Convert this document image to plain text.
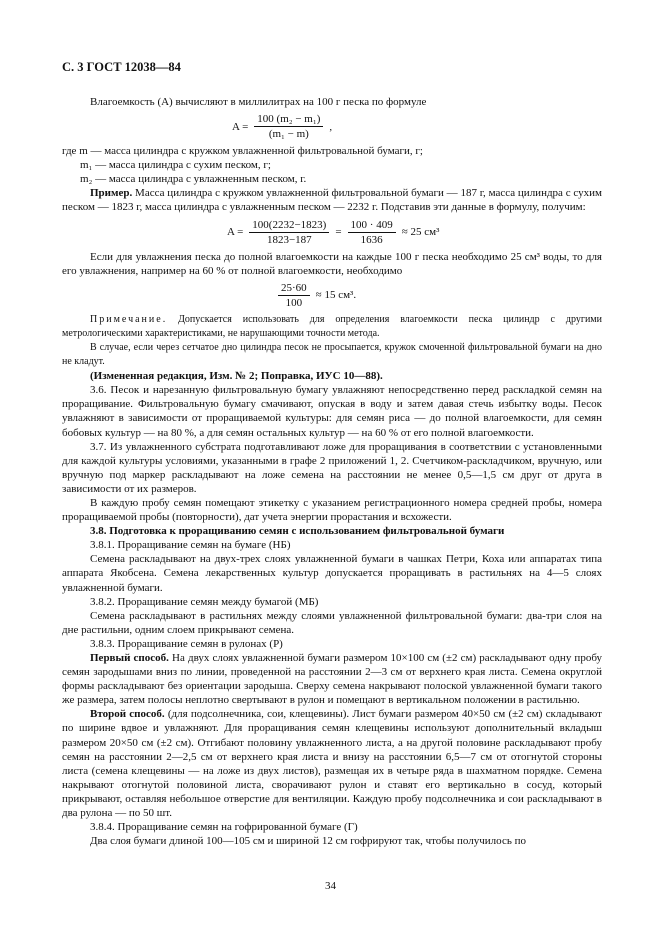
С. 3 ГОСТ 12038—84

Влагоемкость (А) вычисляют в миллилитрах на 100 г песка по формуле

$A = \frac{\text{100 (m₂ − m₁)}}{\text{(m₁ − m)}}$ ,

где m — масса цилиндра с кружком увлажненной фильтровальной бумаги, г;

m₁ — масса цилиндра с сухим песком, г;

m₂ — масса цилиндра с увлажненным песком, г.

Пример. Масса цилиндра с кружком увлажненной фильтровальной бумаги — 187 г, масса цилиндра с сухим песком — 1823 г, масса цилиндра с увлажненным песком — 2232 г. Подставив эти данные в формулу, получим:

$A = \frac{100(2232-1823)}{1823-187} = \frac{100 \cdot 409}{1636} \approx 25$ см³

Если для увлажнения песка до полной влагоемкости на каждые 100 г песка необходимо 25 см³ воды, то для его увлажнения, например на 60 % от полной влагоемкости, необходимо

$\frac{25\cdot 60}{100} \approx 15$ см³.

Примечание. Допускается использовать для определения влагоемкости песка цилиндр с другими метрологическими характеристиками, не нарушающими точности метода.

В случае, если через сетчатое дно цилиндра песок не просыпается, кружок смоченной фильтровальной бумаги на дно не кладут.

(Измененная редакция, Изм. № 2; Поправка, ИУС 10—88).

3.6. Песок и нарезанную фильтровальную бумагу увлажняют непосредственно перед раскладкой семян на проращивание. Фильтровальную бумагу смачивают, опуская в воду и затем давая стечь избытку воды. Песок увлажняют в зависимости от проращиваемой культуры: для семян риса — до полной влагоемкости, для семян бобовых культур — на 80 %, а для семян остальных культур — на 60 % от его полной влагоемкости.

3.7. Из увлажненного субстрата подготавливают ложе для проращивания в соответствии с установленными для каждой культуры условиями, указанными в графе 2 приложений 1, 2. Счетчиком-раскладчиком, вручную, или вручную под маркер раскладывают на ложе семена на расстоянии не менее 0,5—1,5 см друг от друга в зависимости от их размеров.

В каждую пробу семян помещают этикетку с указанием регистрационного номера средней пробы, номера проращиваемой пробы (повторности), дат учета энергии прорастания и всхожести.

3.8. Подготовка к проращиванию семян с использованием фильтровальной бумаги

3.8.1. Проращивание семян на бумаге (НБ)

Семена раскладывают на двух-трех слоях увлажненной бумаги в чашках Петри, Коха или аппаратах типа аппарата Якобсена. Семена лекарственных культур допускается проращивать в растильнях на 4—5 слоях увлажненной бумаги.

3.8.2. Проращивание семян между бумагой (МБ)

Семена раскладывают в растильнях между слоями увлажненной фильтровальной бумаги: два-три слоя на дне растильни, одним слоем прикрывают семена.

3.8.3. Проращивание семян в рулонах (Р)

Первый способ. На двух слоях увлажненной бумаги размером 10×100 см (±2 см) раскладывают одну пробу семян зародышами вниз по линии, проведенной на расстоянии 2—3 см от верхнего края листа. Семена округлой формы раскладывают без ориентации зародыша. Сверху семена накрывают полоской увлажненной бумаги такого же размера, затем полосы неплотно свертывают в рулон и помещают в вертикальном положении в растильню.

Второй способ. (для подсолнечника, сои, клещевины). Лист бумаги размером 40×50 см (±2 см) складывают по ширине вдвое и увлажняют. Для проращивания семян клещевины используют дополнительный вкладыш размером 20×50 см (±2 см). Отгибают половину увлажненного листа, а на другой половине раскладывают пробу семян на расстоянии 2—2,5 см от верхнего края листа и внизу на расстоянии 6,5—7 см от отогнутой стороны листа (семена клещевины — на ложе из двух листов), размещая их в четыре ряда в шахматном порядке. Семена накрывают отогнутой половиной листа, сворачивают рулон и ставят его вертикально в сосуд, который прикрывают, оставляя небольшое отверстие для вентиляции. Каждую пробу подсолнечника и сои раскладывают в два рулона — по 50 шт.

3.8.4. Проращивание семян на гофрированной бумаге (Г)

Два слоя бумаги длиной 100—105 см и шириной 12 см гофрируют так, чтобы получилось по

34
